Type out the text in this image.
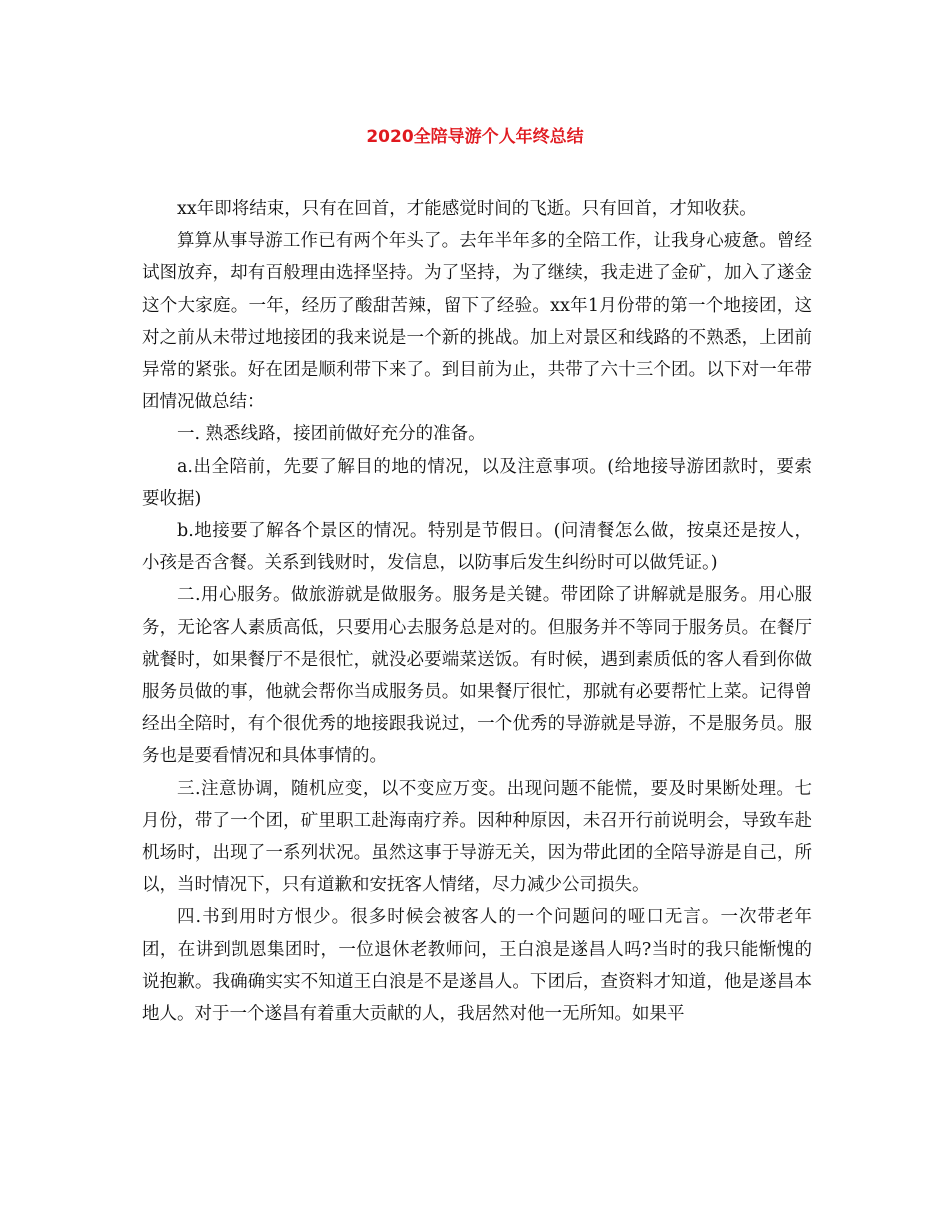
2020全陪导游个人年终总结

xx年即将结束，只有在回首，才能感觉时间的飞逝。只有回首，才知收获。

算算从事导游工作已有两个年头了。去年半年多的全陪工作，让我身心疲惫。曾经试图放弃，却有百般理由选择坚持。为了坚持，为了继续，我走进了金矿，加入了遂金这个大家庭。一年，经历了酸甜苦辣，留下了经验。xx年1月份带的第一个地接团，这对之前从未带过地接团的我来说是一个新的挑战。加上对景区和线路的不熟悉，上团前异常的紧张。好在团是顺利带下来了。到目前为止，共带了六十三个团。以下对一年带团情况做总结：

一. 熟悉线路，接团前做好充分的准备。

a.出全陪前，先要了解目的地的情况，以及注意事项。(给地接导游团款时，要索要收据)

b.地接要了解各个景区的情况。特别是节假日。(问清餐怎么做，按桌还是按人，小孩是否含餐。关系到钱财时，发信息，以防事后发生纠纷时可以做凭证。)

二.用心服务。做旅游就是做服务。服务是关键。带团除了讲解就是服务。用心服务，无论客人素质高低，只要用心去服务总是对的。但服务并不等同于服务员。在餐厅就餐时，如果餐厅不是很忙，就没必要端菜送饭。有时候，遇到素质低的客人看到你做服务员做的事，他就会帮你当成服务员。如果餐厅很忙，那就有必要帮忙上菜。记得曾经出全陪时，有个很优秀的地接跟我说过，一个优秀的导游就是导游，不是服务员。服务也是要看情况和具体事情的。

三.注意协调，随机应变，以不变应万变。出现问题不能慌，要及时果断处理。七月份，带了一个团，矿里职工赴海南疗养。因种种原因，未召开行前说明会，导致车赴机场时，出现了一系列状况。虽然这事于导游无关，因为带此团的全陪导游是自己，所以，当时情况下，只有道歉和安抚客人情绪，尽力减少公司损失。

四.书到用时方恨少。很多时候会被客人的一个问题问的哑口无言。一次带老年团，在讲到凯恩集团时，一位退休老教师问，王白浪是遂昌人吗?当时的我只能惭愧的说抱歉。我确确实实不知道王白浪是不是遂昌人。下团后，查资料才知道，他是遂昌本地人。对于一个遂昌有着重大贡献的人，我居然对他一无所知。如果平
